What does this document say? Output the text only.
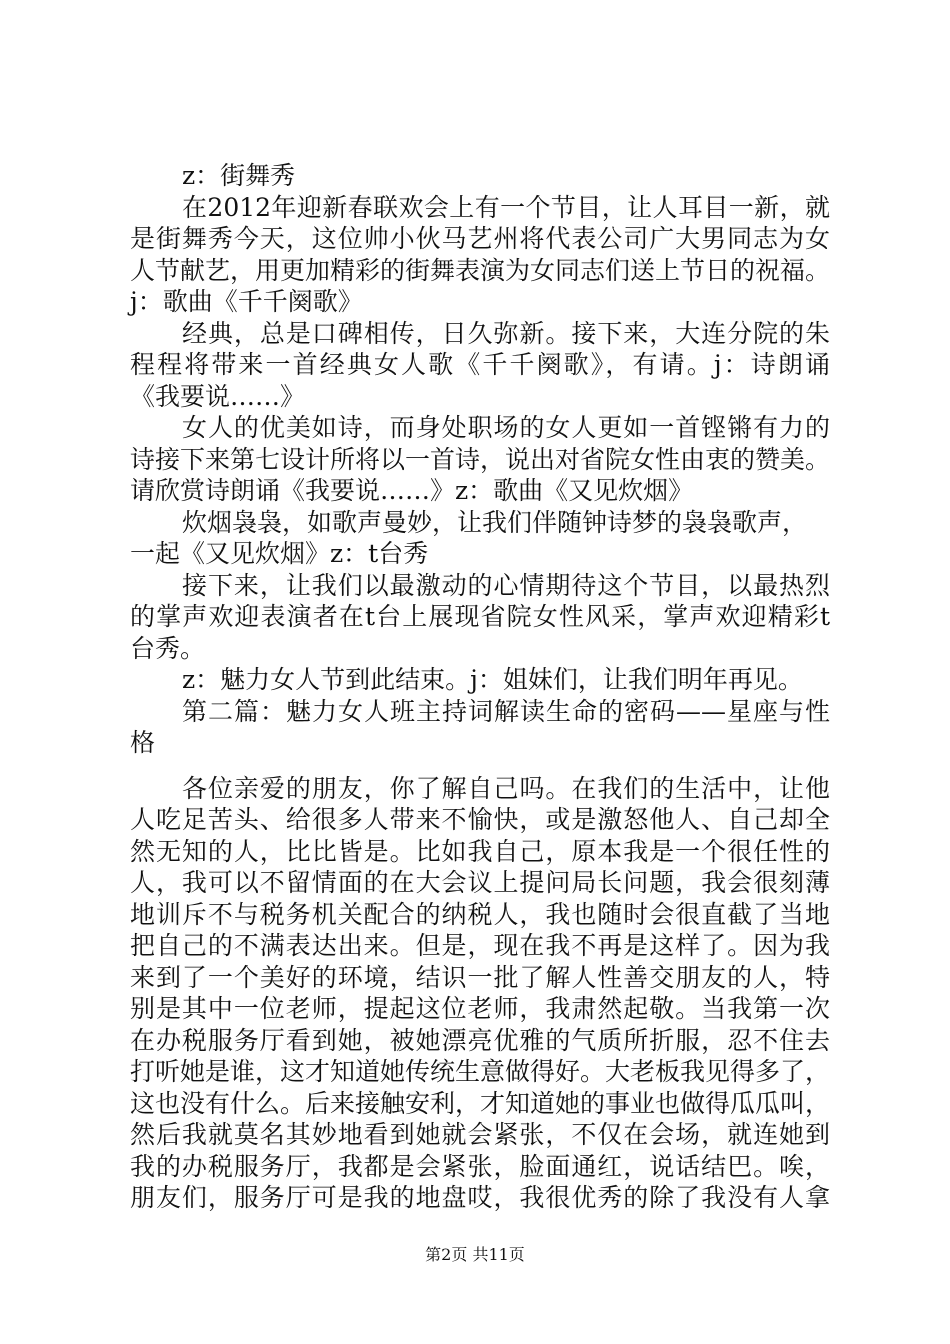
z：街舞秀
在2012年迎新春联欢会上有一个节目，让人耳目一新，就
是街舞秀今天，这位帅小伙马艺州将代表公司广大男同志为女
人节献艺，用更加精彩的街舞表演为女同志们送上节日的祝福。
j：歌曲《千千阕歌》
经典，总是口碑相传，日久弥新。接下来，大连分院的朱
程程将带来一首经典女人歌《千千阕歌》，有请。j：诗朗诵
《我要说……》
女人的优美如诗，而身处职场的女人更如一首铿锵有力的
诗接下来第七设计所将以一首诗，说出对省院女性由衷的赞美。
请欣赏诗朗诵《我要说……》z：歌曲《又见炊烟》
炊烟袅袅，如歌声曼妙，让我们伴随钟诗梦的袅袅歌声，
一起《又见炊烟》z：t台秀
接下来，让我们以最激动的心情期待这个节目，以最热烈
的掌声欢迎表演者在t台上展现省院女性风采，掌声欢迎精彩t
台秀。
z：魅力女人节到此结束。j：姐妹们，让我们明年再见。
第二篇：魅力女人班主持词解读生命的密码——星座与性
格
各位亲爱的朋友，你了解自己吗。在我们的生活中，让他
人吃足苦头、给很多人带来不愉快，或是激怒他人、自己却全
然无知的人，比比皆是。比如我自己，原本我是一个很任性的
人，我可以不留情面的在大会议上提问局长问题，我会很刻薄
地训斥不与税务机关配合的纳税人，我也随时会很直截了当地
把自己的不满表达出来。但是，现在我不再是这样了。因为我
来到了一个美好的环境，结识一批了解人性善交朋友的人，特
别是其中一位老师，提起这位老师，我肃然起敬。当我第一次
在办税服务厅看到她，被她漂亮优雅的气质所折服，忍不住去
打听她是谁，这才知道她传统生意做得好。大老板我见得多了，
这也没有什么。后来接触安利，才知道她的事业也做得瓜瓜叫，
然后我就莫名其妙地看到她就会紧张，不仅在会场，就连她到
我的办税服务厅，我都是会紧张，脸面通红，说话结巴。唉，
朋友们，服务厅可是我的地盘哎，我很优秀的除了我没有人拿
第2页 共11页
